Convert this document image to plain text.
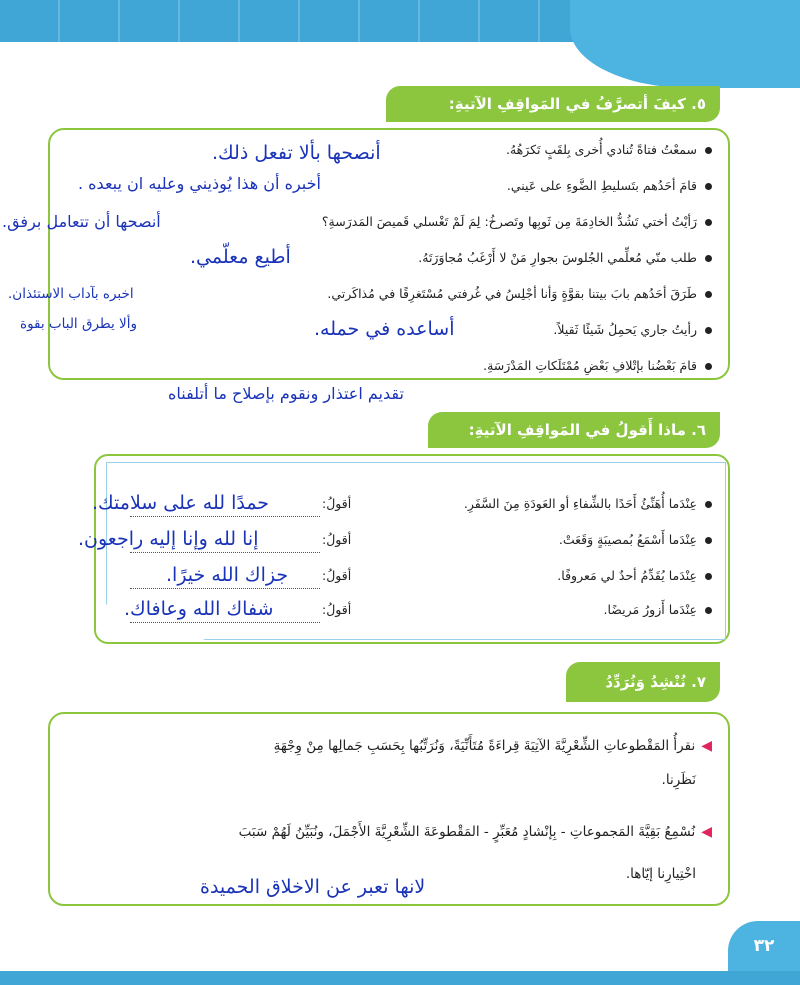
٣٢
٥. كيفَ أتصرَّفُ في المَواقِفِ الآتيةِ:
سمعْتُ فتاةً تُنادي أُخرى بِلقَبٍ تَكرَهُهُ.
أنصحها بألا تفعل ذلك.
قامَ أحَدُهم بتَسليطِ الضَّوءِ على عَيني.
أخبره أن هذا يُوذيني وعليه ان يبعده .
رَأيْتُ أختي تَشُدُّ الخادِمَةَ مِن ثَوبِها وتَصرخُ: لِمَ لَمْ تَغْسلي قَميصَ المَدرَسةِ؟
أنصحها أن تتعامل برفق.
طلب منّي مُعلِّمي الجُلوسَ بجوارِ مَنْ لا أَرْغَبُ مُجاوَرَتَهُ.
أطيع معلّمي.
طَرَقَ أحَدُهم بابَ بيتنا بقوَّةٍ وَأنا أجْلِسُ في غُرفتي مُسْتَغرِقًا في مُذاكَرتي.
اخبره بآداب الاستئذان.
وألا يطرق الباب بقوة	رأيتُ جاري يَحمِلُ شَيئًا ثَقيلاً.
أساعده في حمله.
قامَ بَعْضُنا بإتْلافِ بَعْضِ مُمْتَلَكاتِ المَدْرَسَةِ.
تقديم اعتذار ونقوم بإصلاح ما أتلفناه
٦. ماذا أَقولُ في المَواقِفِ الآتيةِ:
عِنْدَما أُهَنِّئُ أَحَدًا بالشِّفاءِ أو العَودَةِ مِنَ السَّفَرِ.
أقولُ:
حمدًا لله على سلامتك.
عِنْدَما أَسْمَعُ بُمصيبَةٍ وَقَعَتْ.
أقولُ:
إنا لله وإنا إليه راجعون.
عِنْدَما يُقَدِّمُ أحدٌ لي مَعروفًا.
أقولُ:
جزاك الله خيرًا.
عِنْدَما أَزورُ مَريضًا.
أقولُ:
شفاك الله وعافاك.
٧. نُنْشِدُ وَنُرَدِّدُ
◀نقرأُ المَقْطوعاتِ الشِّعْرِيَّةَ الآتِيَةَ قِراءَةً مُتَأَنِّيَةً، وَنُرَتِّبُها بِحَسَبِ جَمالِها مِنْ وِجْهَةِ
نَظَرِنا.
◀نُسْمِعُ بَقِيَّةَ المَجموعاتِ - بِإنْشادٍ مُعَبِّرٍ - المَقْطوعَةَ الشِّعْرِيَّةَ الأَجْمَلَ، ونُبَيِّنُ لَهُمْ سَبَبَ
اخْتِيارِنا إيّاها.
لانها تعبر عن الاخلاق الحميدة
